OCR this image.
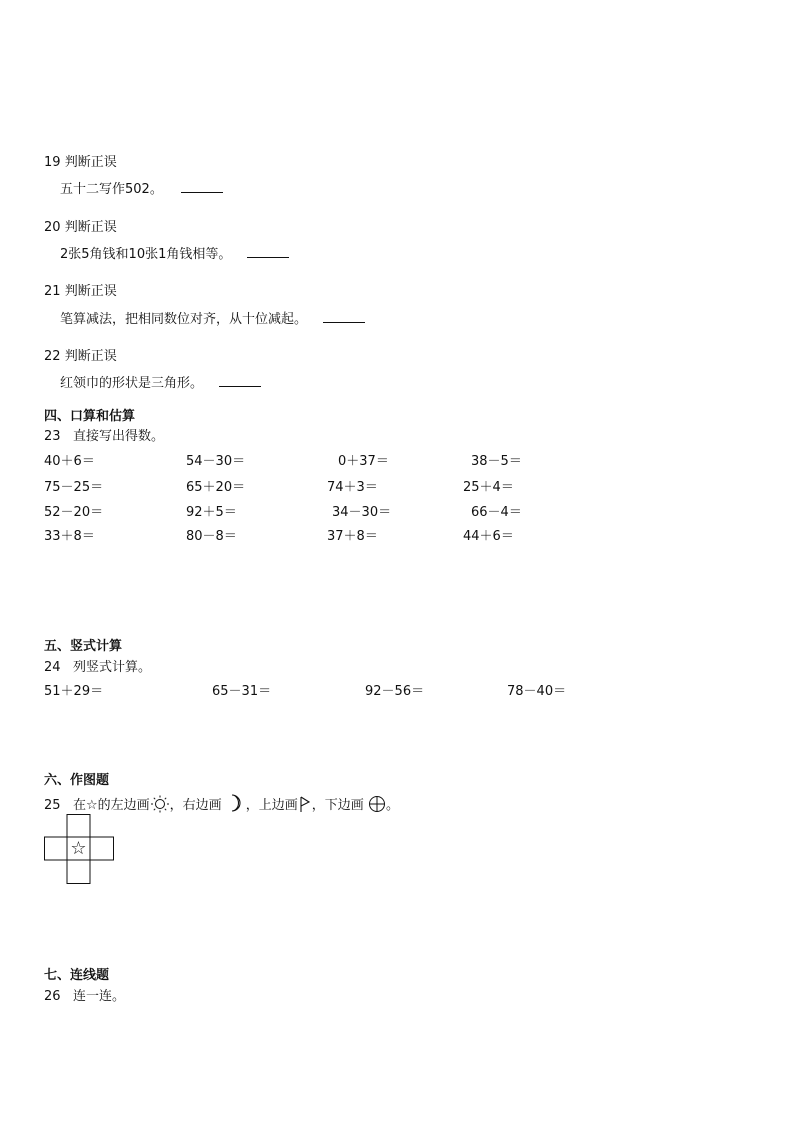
19 判断正误
五十二写作502。
20 判断正误
2张5角钱和10张1角钱相等。
21 判断正误
笔算减法，把相同数位对齐，从十位减起。
22 判断正误
红领巾的形状是三角形。
四、口算和估算
23 直接写出得数。
40＋6＝	54－30＝	0＋37＝	38－5＝
75－25＝	65＋20＝	74＋3＝	25＋4＝
52－20＝	92＋5＝	34－30＝	66－4＝
33＋8＝	80－8＝	37＋8＝	44＋6＝
五、竖式计算
24 列竖式计算。
51＋29＝	65－31＝	92－56＝	78－40＝
六、作图题
25 在☆的左边画 ，右边画 ，上边画 ，下边画 。
☆
七、连线题
26 连一连。
